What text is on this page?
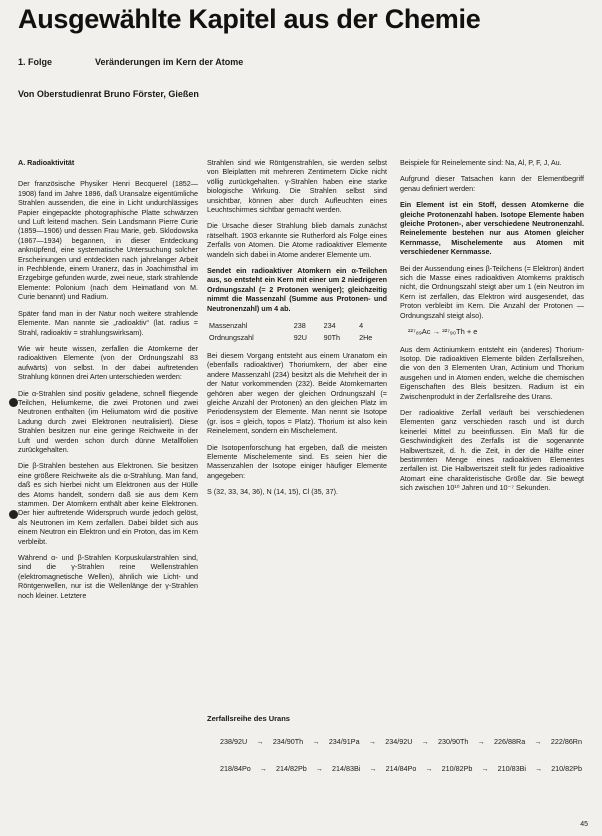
Ausgewählte Kapitel aus der Chemie
1. Folge	Veränderungen im Kern der Atome
Von Oberstudienrat Bruno Förster, Gießen
A. Radioaktivität

Der französische Physiker Henri Becquerel (1852—1908) fand im Jahre 1896, daß Uransalze eigentümliche Strahlen aussenden, die eine in Licht undurchlässiges Papier eingepackte photographische Platte schwärzen und Luft leitend machen. Sein Landsmann Pierre Curie (1859—1906) und dessen Frau Marie, geb. Sklodowska (1867—1934) begannen, in dieser Entdeckung anknüpfend, eine systematische Untersuchung solcher Erscheinungen und entdeckten nach jahrelanger Arbeit in Pechblende, einem Uranerz, das in Joachimsthal im Erzgebirge gefunden wurde, zwei neue, stark strahlende Elemente: Polonium (nach dem Heimatland von M. Curie benannt) und Radium.

Später fand man in der Natur noch weitere strahlende Elemente. Man nannte sie „radioaktiv“ (lat. radius = Strahl, radioaktiv = strahlungswirksam).

Wie wir heute wissen, zerfallen die Atomkerne der radioaktiven Elemente (von der Ordnungszahl 83 aufwärts) von selbst. In der dabei auftretenden Strahlung können drei Arten unterschieden werden:

Die α-Strahlen sind positiv geladene, schnell fliegende Teilchen, Heliumkerne, die zwei Protonen und zwei Neutronen enthalten (im Heliumatom wird die positive Ladung durch zwei Elektronen neutralisiert). Diese Strahlen besitzen nur eine geringe Reichweite in der Luft und werden schon durch dünne Metallfolien zurückgehalten.

Die β-Strahlen bestehen aus Elektronen. Sie besitzen eine größere Reichweite als die α-Strahlung. Man fand, daß es sich hierbei nicht um Elektronen aus der Hülle des Atoms handelt, sondern daß sie aus dem Kern stammen. Der Atomkern enthält aber keine Elektronen. Der hier auftretende Widerspruch wurde jedoch gelöst, als Neutronen im Kern zerfallen. Dabei bildet sich aus einem Neutron ein Elektron und ein Proton, das im Kern verbleibt.

Während α- und β-Strahlen Korpuskularstrahlen sind, sind die γ-Strahlen reine Wellenstrahlen (elektromagnetische Wellen), ähnlich wie Licht- und Röntgenwellen, nur ist die Wellenlänge der γ-Strahlen noch kleiner. Letztere

Strahlen sind wie Röntgenstrahlen, sie werden selbst von Bleiplatten mit mehreren Zentimetern Dicke nicht völlig zurückgehalten. γ-Strahlen haben eine starke biologische Wirkung. Die Strahlen selbst sind unsichtbar, können aber durch Aufleuchten eines Leuchtschirmes sichtbar gemacht werden.

Die Ursache dieser Strahlung blieb damals zunächst rätselhaft. 1903 erkannte sie Rutherford als Folge eines Zerfalls von Atomen. Die Atome radioaktiver Elemente wandeln sich dabei in Atome anderer Elemente um.

Sendet ein radioaktiver Atomkern ein α-Teilchen aus, so entsteht ein Kern mit einer um 2 niedrigeren Ordnungszahl (= 2 Protonen weniger); gleichzeitig nimmt die Massenzahl (Summe aus Protonen- und Neutronenzahl) um 4 ab.

Massenzahl	238	234	4
Ordnungszahl	92U	90Th	2He

Bei diesem Vorgang entsteht aus einem Uranatom ein (ebenfalls radioaktiver) Thoriumkern, der aber eine andere Massenzahl (234) besitzt als die Mehrheit der in der Natur vorkommenden (232). Beide Atomkernarten gehören aber wegen der gleichen Ordnungszahl (= gleiche Anzahl der Protonen) an den gleichen Platz im Periodensystem der Elemente. Man nennt sie Isotope (gr. isos = gleich, topos = Platz). Thorium ist also kein Reinelement, sondern ein Mischelement.

Die Isotopenforschung hat ergeben, daß die meisten Elemente Mischelemente sind. Es seien hier die Massenzahlen der Isotope einiger häufiger Elemente angegeben:

S (32, 33, 34, 36), N (14, 15), Cl (35, 37).

Beispiele für Reinelemente sind: Na, Al, P, F, J, Au.

Aufgrund dieser Tatsachen kann der Elementbegriff genau definiert werden:

Ein Element ist ein Stoff, dessen Atomkerne die gleiche Protonenzahl haben. Isotope Elemente haben gleiche Protonen-, aber verschiedene Neutronenzahl. Reinelemente bestehen nur aus Atomen gleicher Kernmasse, Mischelemente aus Atomen mit verschiedener Kernmasse.

Bei der Aussendung eines β-Teilchens (= Elektron) ändert sich die Masse eines radioaktiven Atomkerns praktisch nicht, die Ordnungszahl steigt aber um 1 (ein Neutron im Kern ist zerfallen, das Elektron wird ausgesendet, das Proton verbleibt im Kern. Die Anzahl der Protonen — Ordnungszahl steigt also).

²²⁷₈₉Ac → ²²⁷₉₀Th + e

Aus dem Actiniumkern entsteht ein (anderes) Thorium-Isotop. Die radioaktiven Elemente bilden Zerfallsreihen, die von den 3 Elementen Uran, Actinium und Thorium ausgehen und in Atomen enden, welche die chemischen Eigenschaften des Bleis besitzen. Radium ist ein Zwischenprodukt in der Zerfallsreihe des Urans.

Der radioaktive Zerfall verläuft bei verschiedenen Elementen ganz verschieden rasch und ist durch keinerlei Mittel zu beeinflussen. Ein Maß für die Geschwindigkeit des Zerfalls ist die sogenannte Halbwertszeit, d. h. die Zeit, in der die Hälfte einer bestimmten Menge eines radioaktiven Elementes zerfallen ist. Die Halbwertszeit stellt für jedes radioaktive Atomart eine charakteristische Größe dar. Sie bewegt sich zwischen 10¹⁰ Jahren und 10⁻⁷ Sekunden.

Zerfallsreihe des Urans
238/92U → 234/90Th → 234/91Pa → 234/92U → 230/90Th → 226/88Ra → 222/86Rn
218/84Po → 214/82Pb → 214/83Bi → 214/84Po → 210/82Pb → 210/83Bi → 210/82Pb
45
